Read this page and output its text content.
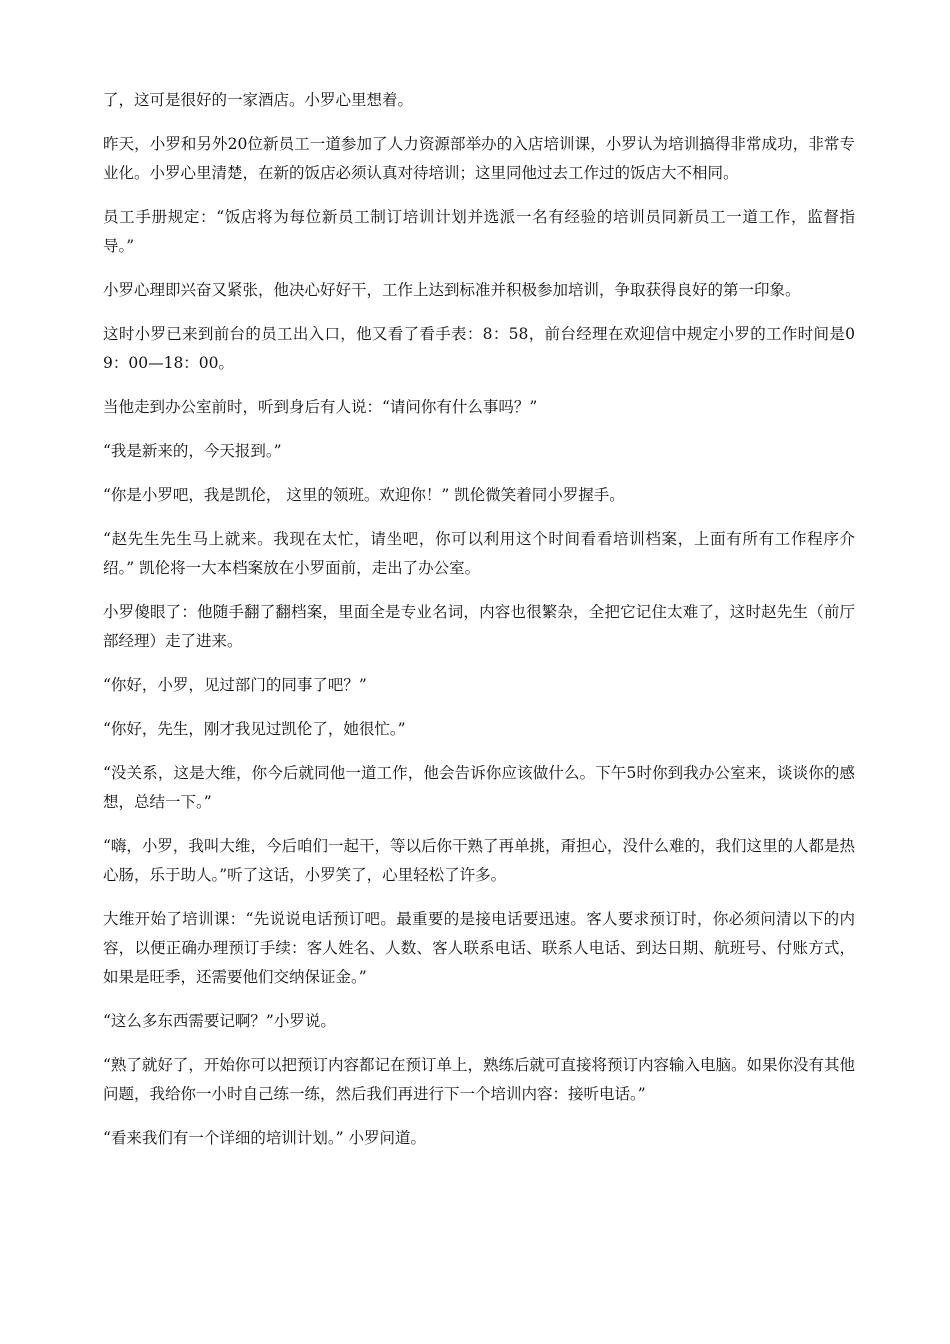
了，这可是很好的一家酒店。小罗心里想着。

昨天，小罗和另外20位新员工一道参加了人力资源部举办的入店培训课，小罗认为培训搞得非常成功，非常专业化。小罗心里清楚，在新的饭店必须认真对待培训；这里同他过去工作过的饭店大不相同。

员工手册规定：“饭店将为每位新员工制订培训计划并选派一名有经验的培训员同新员工一道工作，监督指导。”

小罗心理即兴奋又紧张，他决心好好干，工作上达到标准并积极参加培训，争取获得良好的第一印象。

这时小罗已来到前台的员工出入口，他又看了看手表：8：58，前台经理在欢迎信中规定小罗的工作时间是09：00—18：00。

当他走到办公室前时，听到身后有人说：“请问你有什么事吗？”

“我是新来的，今天报到。”

“你是小罗吧，我是凯伦， 这里的领班。欢迎你！” 凯伦微笑着同小罗握手。

“赵先生先生马上就来。我现在太忙，请坐吧，你可以利用这个时间看看培训档案，上面有所有工作程序介绍。” 凯伦将一大本档案放在小罗面前，走出了办公室。

小罗傻眼了：他随手翻了翻档案，里面全是专业名词，内容也很繁杂，全把它记住太难了，这时赵先生（前厅部经理）走了进来。

“你好，小罗，见过部门的同事了吧？”

“你好，先生，刚才我见过凯伦了，她很忙。”

“没关系，这是大维，你今后就同他一道工作，他会告诉你应该做什么。下午5时你到我办公室来，谈谈你的感想，总结一下。”

“嗨，小罗，我叫大维，今后咱们一起干，等以后你干熟了再单挑，甭担心，没什么难的，我们这里的人都是热心肠，乐于助人。”听了这话，小罗笑了，心里轻松了许多。

大维开始了培训课：“先说说电话预订吧。最重要的是接电话要迅速。客人要求预订时，你必须问清以下的内容，以便正确办理预订手续：客人姓名、人数、客人联系电话、联系人电话、到达日期、航班号、付账方式，如果是旺季，还需要他们交纳保证金。”

“这么多东西需要记啊？”小罗说。

“熟了就好了，开始你可以把预订内容都记在预订单上，熟练后就可直接将预订内容输入电脑。如果你没有其他问题，我给你一小时自己练一练，然后我们再进行下一个培训内容：接听电话。”

“看来我们有一个详细的培训计划。” 小罗问道。
